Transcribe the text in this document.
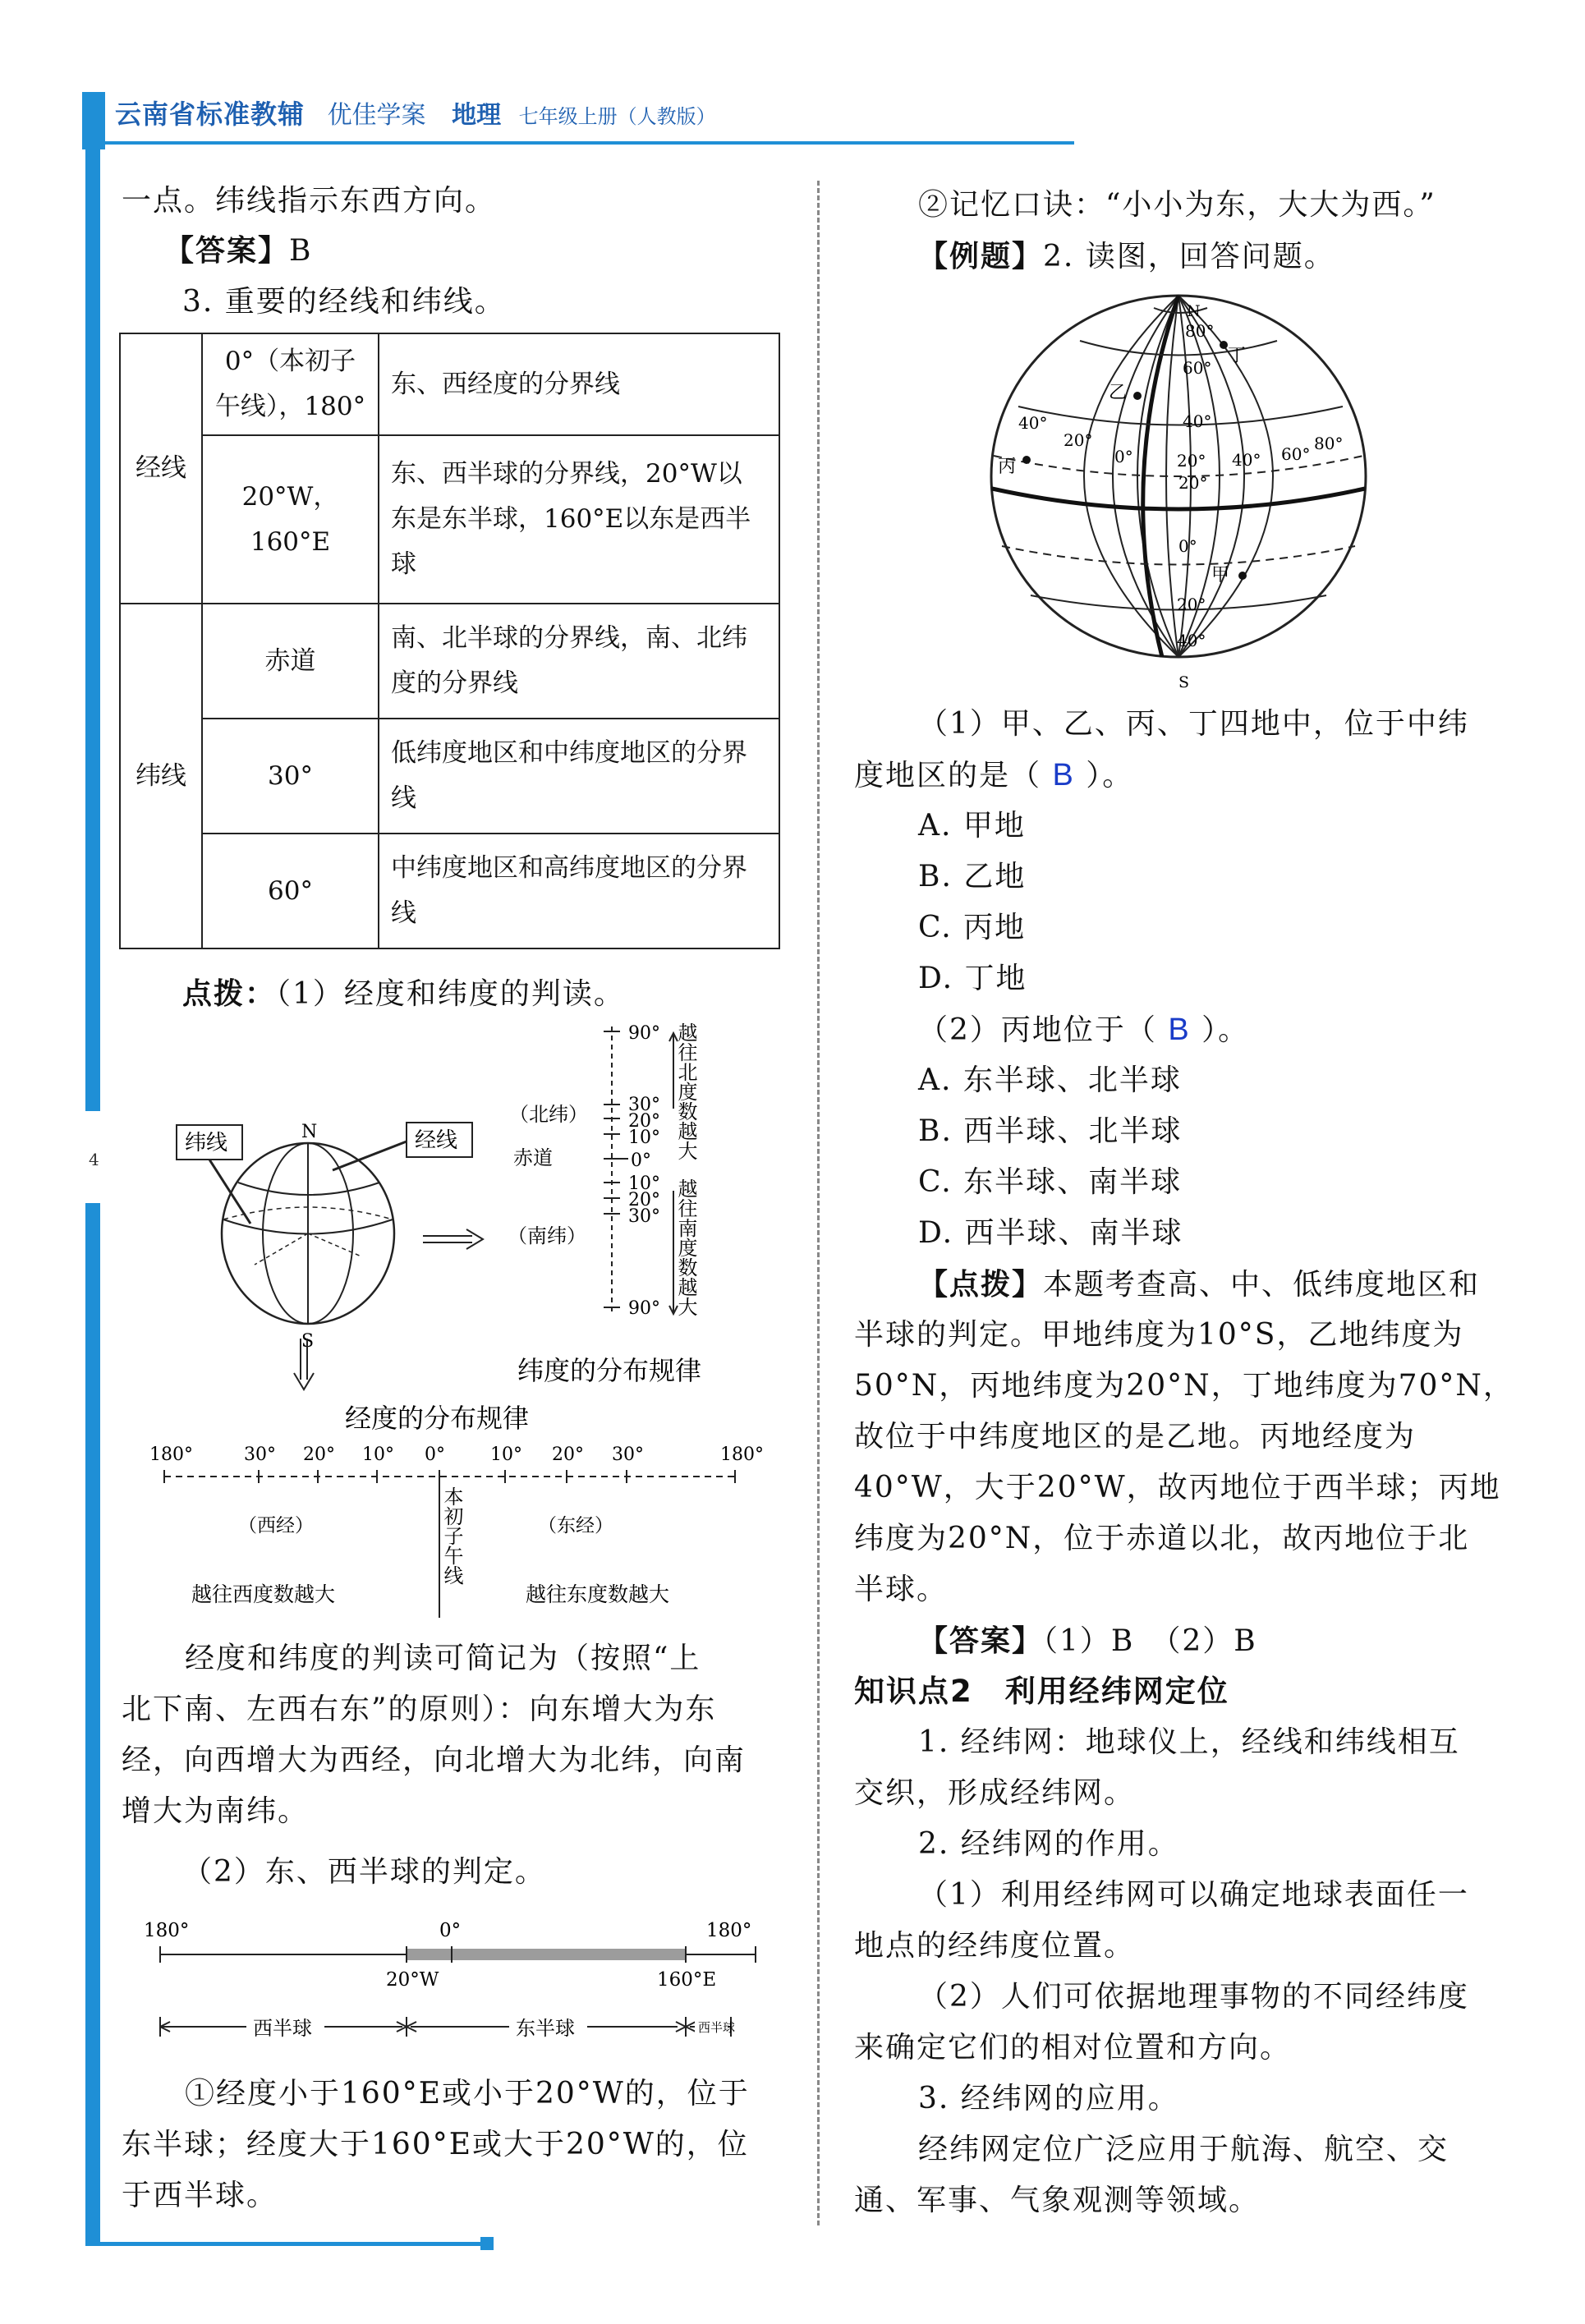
云南省标准教辅 优佳学案 地理 七年级上册（人教版）
4
一点。纬线指示东西方向。
【答案】B
3. 重要的经线和纬线。
经线	0°（本初子午线），180°	东、西经度的分界线
	20°W，160°E	东、西半球的分界线，20°W以东是东半球，160°E以东是西半球
纬线	赤道	南、北半球的分界线，南、北纬度的分界线
	30°	低纬度地区和中纬度地区的分界线
	60°	中纬度地区和高纬度地区的分界线
点拨：（1）经度和纬度的判读。
纬线	经线
N
S
（北纬）
赤道
（南纬）
90°
30°
20°
10°
0°
10°
20°
30°
90°
越往北度数越大
越往南度数越大
纬度的分布规律
经度的分布规律
180°	30° 20° 10° 0°	10° 20° 30°	180°
（西经）	（东经）
本初子午线
越往西度数越大	越往东度数越大
经度和纬度的判读可简记为（按照“上
北下南、左西右东”的原则）：向东增大为东
经，向西增大为西经，向北增大为北纬，向南
增大为南纬。
（2）东、西半球的判定。
180°	0°	180°
20°W	160°E
西半球	东半球	西半球
①经度小于160°E或小于20°W的，位于
东半球；经度大于160°E或大于20°W的，位
于西半球。
②记忆口诀：“小小为东，大大为西。”
【例题】2. 读图，回答问题。
N
S
80°
60°
40°
40°
20°
0°	20° 40° 60°
80°
20°
0°
20°
40°
甲
乙
丙
丁
（1）甲、乙、丙、丁四地中，位于中纬
度地区的是（ B ）。
A. 甲地
B. 乙地
C. 丙地
D. 丁地
（2）丙地位于（ B ）。
A. 东半球、北半球
B. 西半球、北半球
C. 东半球、南半球
D. 西半球、南半球
【点拨】本题考查高、中、低纬度地区和
半球的判定。甲地纬度为10°S，乙地纬度为
50°N，丙地纬度为20°N，丁地纬度为70°N，
故位于中纬度地区的是乙地。丙地经度为
40°W，大于20°W，故丙地位于西半球；丙地
纬度为20°N，位于赤道以北，故丙地位于北
半球。
【答案】（1）B　（2）B
知识点2　利用经纬网定位
1. 经纬网：地球仪上，经线和纬线相互
交织，形成经纬网。
2. 经纬网的作用。
（1）利用经纬网可以确定地球表面任一
地点的经纬度位置。
（2）人们可依据地理事物的不同经纬度
来确定它们的相对位置和方向。
3. 经纬网的应用。
经纬网定位广泛应用于航海、航空、交
通、军事、气象观测等领域。
